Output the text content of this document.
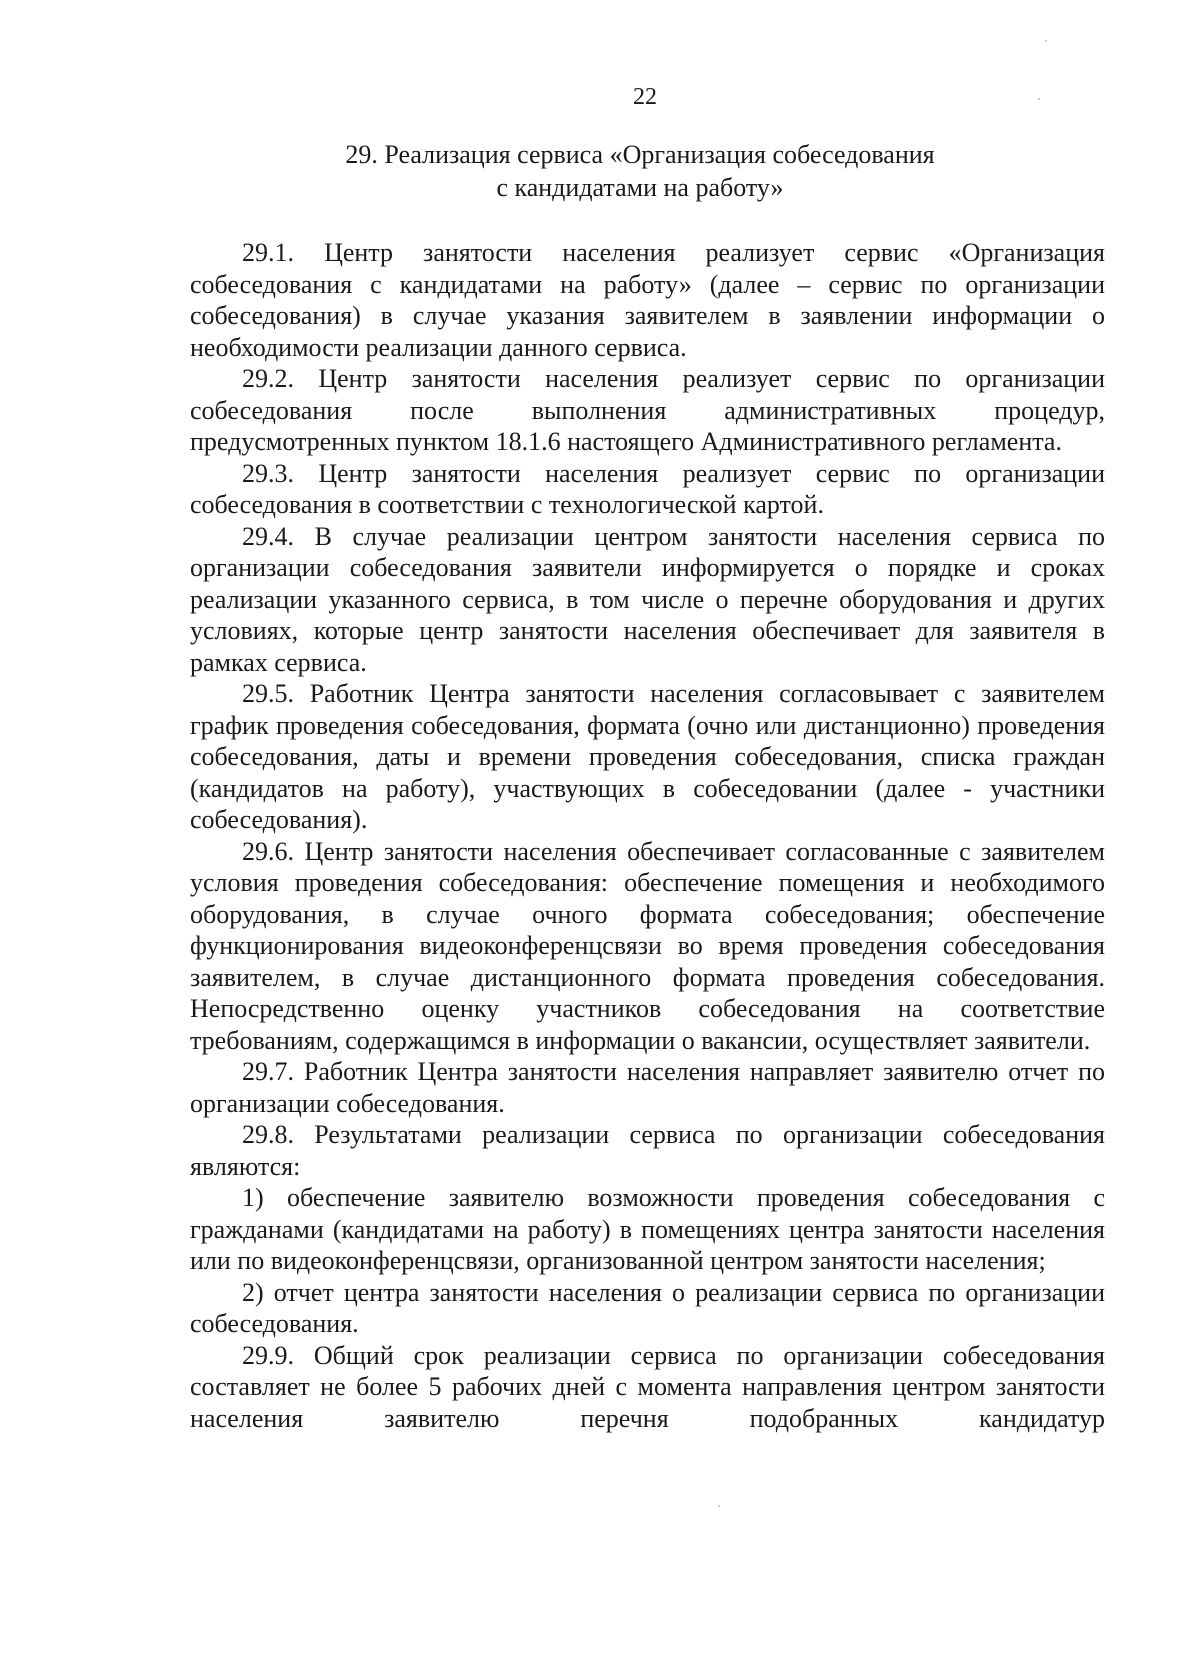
22
29. Реализация сервиса «Организация собеседования
с кандидатами на работу»

29.1. Центр занятости населения реализует сервис «Организация собеседования с кандидатами на работу» (далее – сервис по организации собеседования) в случае указания заявителем в заявлении информации о необходимости реализации данного сервиса.

29.2. Центр занятости населения реализует сервис по организации собеседования после выполнения административных процедур, предусмотренных пунктом 18.1.6 настоящего Административного регламента.

29.3. Центр занятости населения реализует сервис по организации собеседования в соответствии с технологической картой.

29.4. В случае реализации центром занятости населения сервиса по организации собеседования заявители информируется о порядке и сроках реализации указанного сервиса, в том числе о перечне оборудования и других условиях, которые центр занятости населения обеспечивает для заявителя в рамках сервиса.

29.5. Работник Центра занятости населения согласовывает с заявителем график проведения собеседования, формата (очно или дистанционно) проведения собеседования, даты и времени проведения собеседования, списка граждан (кандидатов на работу), участвующих в собеседовании (далее - участники собеседования).

29.6. Центр занятости населения обеспечивает согласованные с заявителем условия проведения собеседования: обеспечение помещения и необходимого оборудования, в случае очного формата собеседования; обеспечение функционирования видеоконференцсвязи во время проведения собеседования заявителем, в случае дистанционного формата проведения собеседования. Непосредственно оценку участников собеседования на соответствие требованиям, содержащимся в информации о вакансии, осуществляет заявители.

29.7. Работник Центра занятости населения направляет заявителю отчет по организации собеседования.

29.8. Результатами реализации сервиса по организации собеседования являются:

1) обеспечение заявителю возможности проведения собеседования с гражданами (кандидатами на работу) в помещениях центра занятости населения или по видеоконференцсвязи, организованной центром занятости населения;

2) отчет центра занятости населения о реализации сервиса по организации собеседования.

29.9. Общий срок реализации сервиса по организации собеседования составляет не более 5 рабочих дней с момента направления центром занятости населения заявителю перечня подобранных кандидатур
